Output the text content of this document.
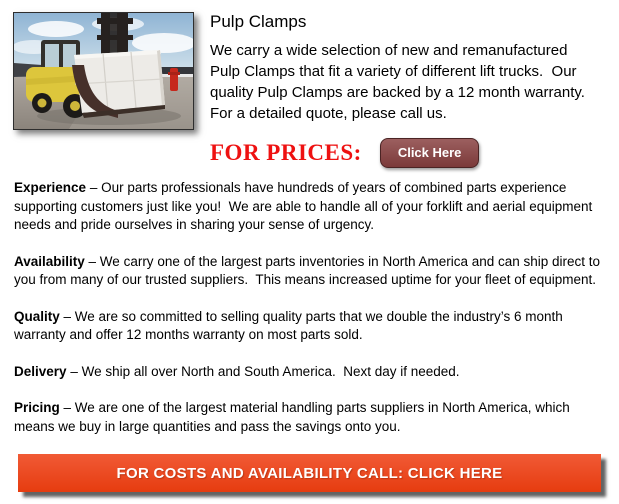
Pulp Clamps

We carry a wide selection of new and remanufactured Pulp Clamps that fit a variety of different lift trucks.  Our quality Pulp Clamps are backed by a 12 month warranty.  For a detailed quote, please call us.

FOR PRICES:	Click Here

Experience – Our parts professionals have hundreds of years of combined parts experience supporting customers just like you!  We are able to handle all of your forklift and aerial equipment needs and pride ourselves in sharing your sense of urgency.

Availability – We carry one of the largest parts inventories in North America and can ship direct to you from many of our trusted suppliers.  This means increased uptime for your fleet of equipment.

Quality – We are so committed to selling quality parts that we double the industry’s 6 month warranty and offer 12 months warranty on most parts sold.

Delivery – We ship all over North and South America.  Next day if needed.

Pricing – We are one of the largest material handling parts suppliers in North America, which means we buy in large quantities and pass the savings onto you.

FOR COSTS AND AVAILABILITY CALL: CLICK HERE
